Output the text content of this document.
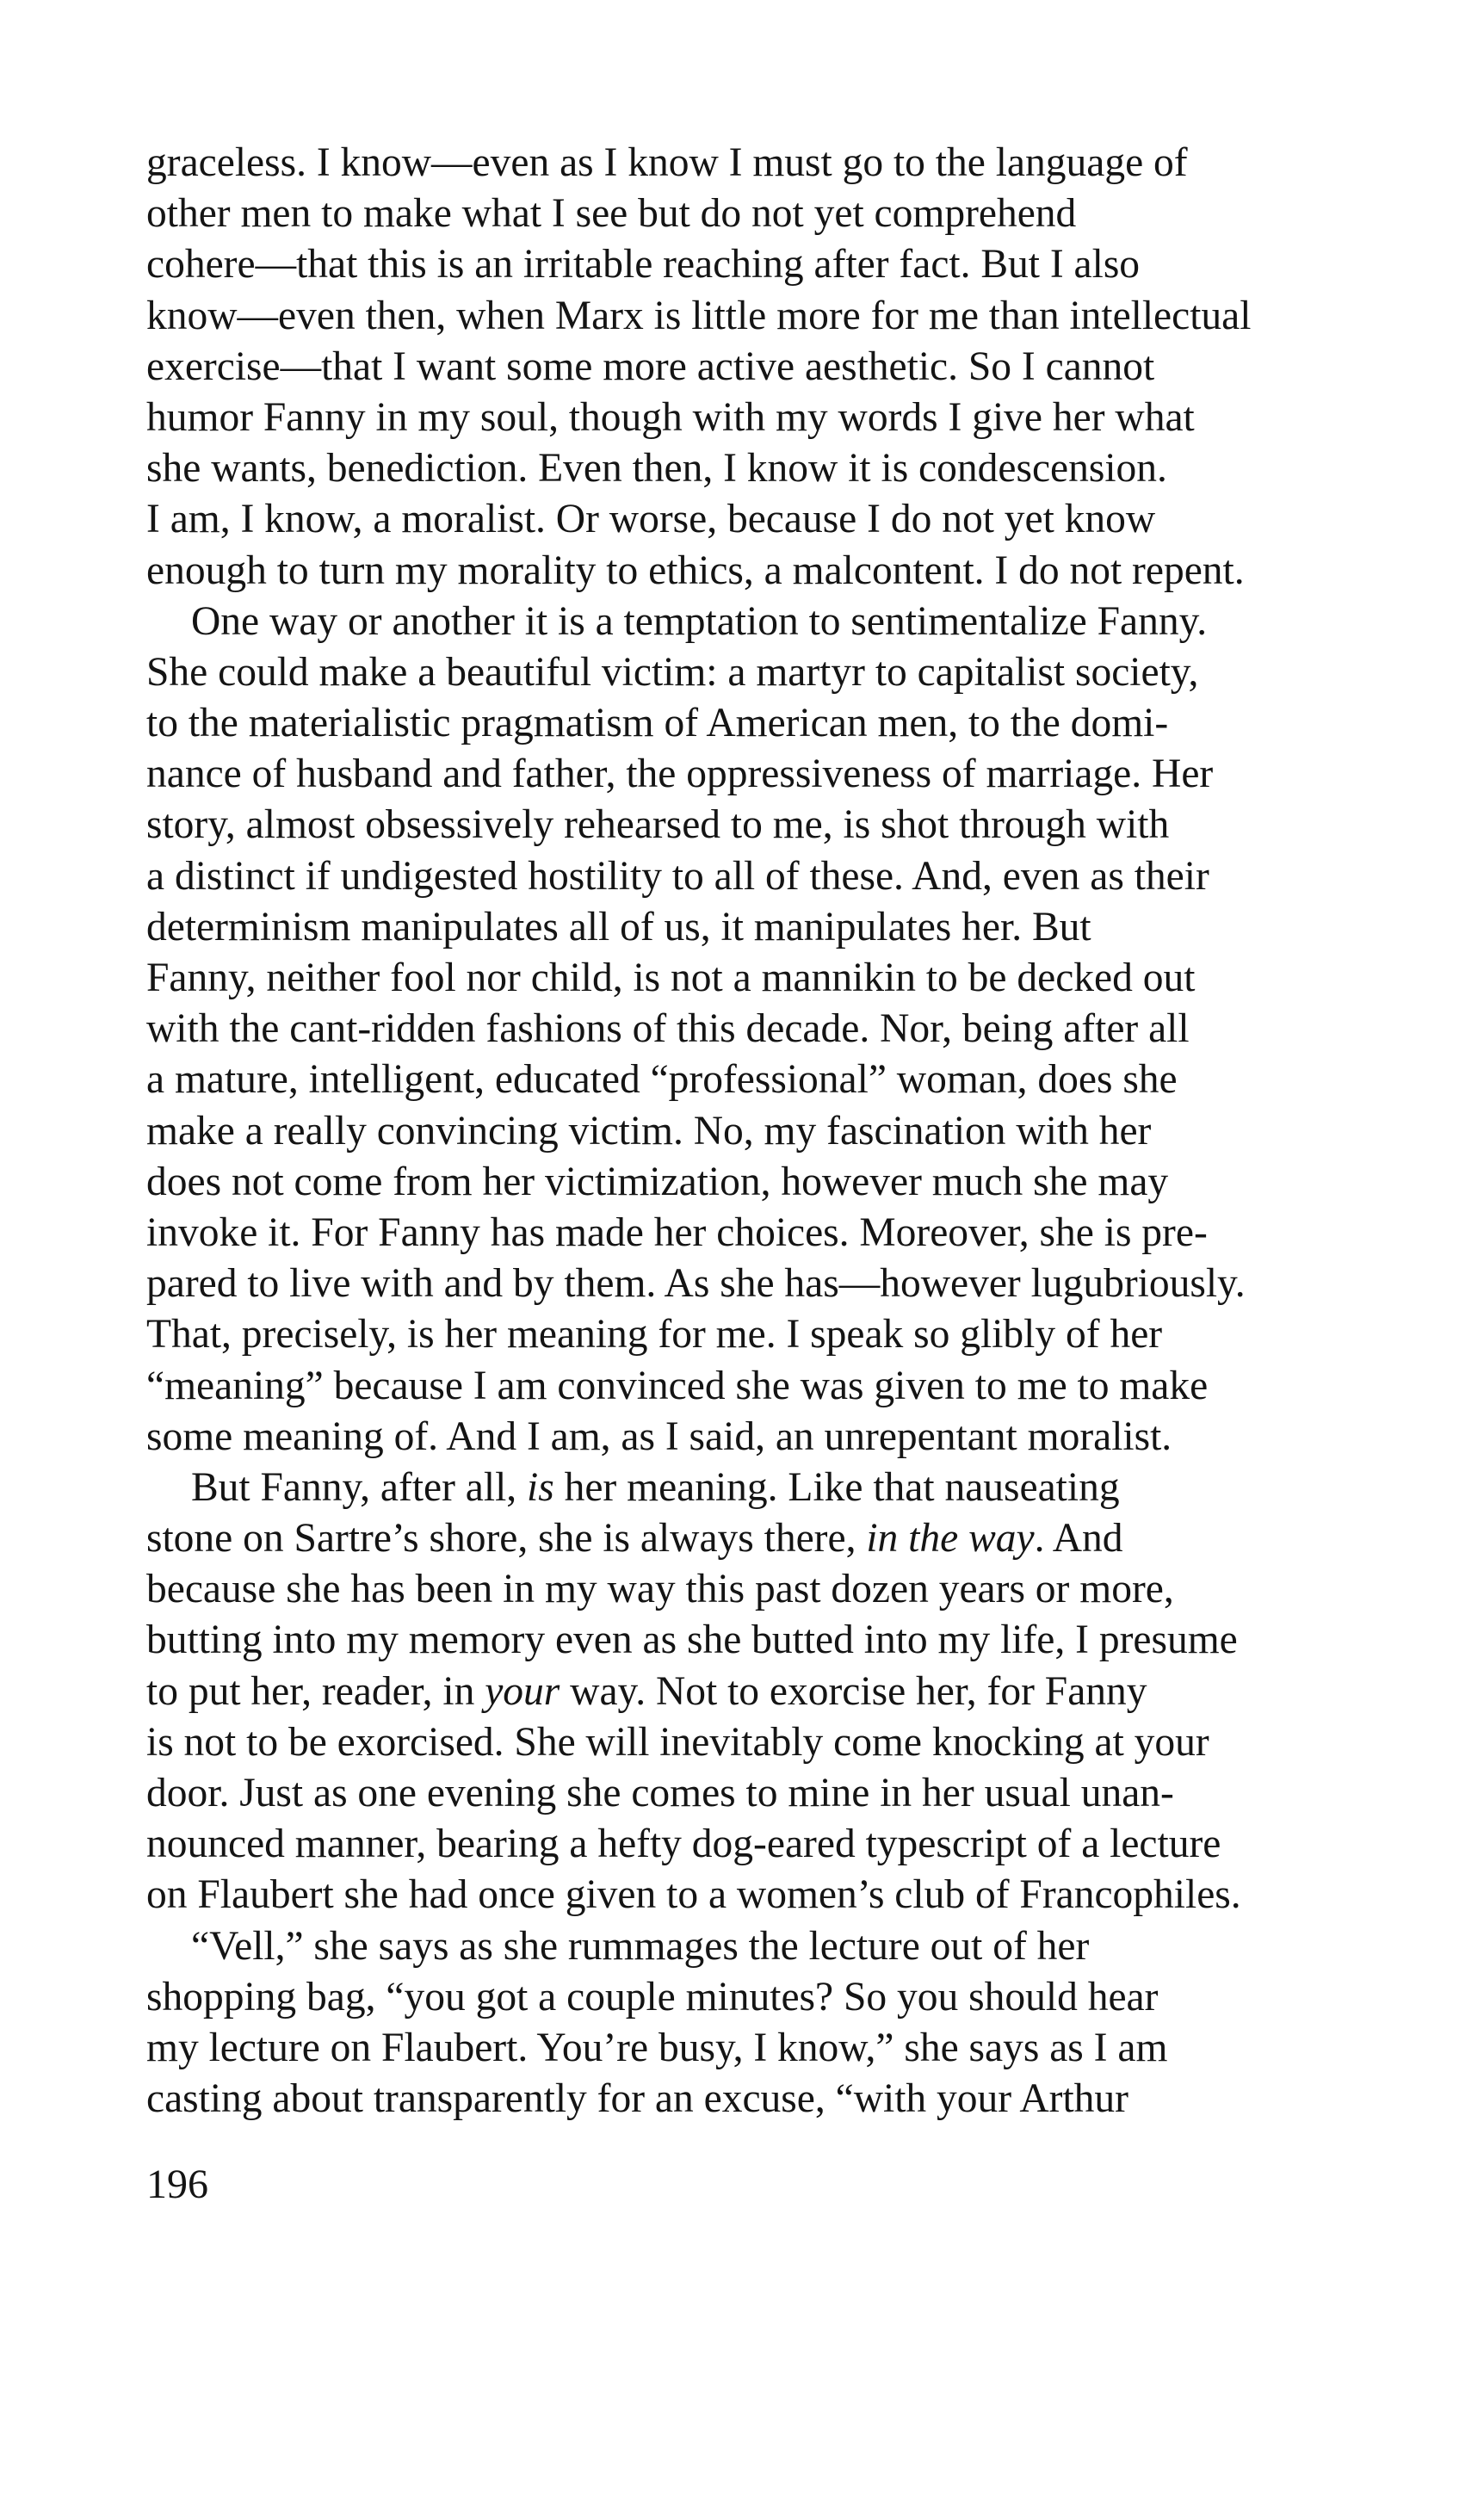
graceless. I know—even as I know I must go to the language of
other men to make what I see but do not yet comprehend
cohere—that this is an irritable reaching after fact. But I also
know—even then, when Marx is little more for me than intellectual
exercise—that I want some more active aesthetic. So I cannot
humor Fanny in my soul, though with my words I give her what
she wants, benediction. Even then, I know it is condescension.
I am, I know, a moralist. Or worse, because I do not yet know
enough to turn my morality to ethics, a malcontent. I do not repent.
One way or another it is a temptation to sentimentalize Fanny.
She could make a beautiful victim: a martyr to capitalist society,
to the materialistic pragmatism of American men, to the domi-
nance of husband and father, the oppressiveness of marriage. Her
story, almost obsessively rehearsed to me, is shot through with
a distinct if undigested hostility to all of these. And, even as their
determinism manipulates all of us, it manipulates her. But
Fanny, neither fool nor child, is not a mannikin to be decked out
with the cant-ridden fashions of this decade. Nor, being after all
a mature, intelligent, educated “professional” woman, does she
make a really convincing victim. No, my fascination with her
does not come from her victimization, however much she may
invoke it. For Fanny has made her choices. Moreover, she is pre-
pared to live with and by them. As she has—however lugubriously.
That, precisely, is her meaning for me. I speak so glibly of her
“meaning” because I am convinced she was given to me to make
some meaning of. And I am, as I said, an unrepentant moralist.
But Fanny, after all, is her meaning. Like that nauseating
stone on Sartre’s shore, she is always there, in the way. And
because she has been in my way this past dozen years or more,
butting into my memory even as she butted into my life, I presume
to put her, reader, in your way. Not to exorcise her, for Fanny
is not to be exorcised. She will inevitably come knocking at your
door. Just as one evening she comes to mine in her usual unan-
nounced manner, bearing a hefty dog-eared typescript of a lecture
on Flaubert she had once given to a women’s club of Francophiles.
“Vell,” she says as she rummages the lecture out of her
shopping bag, “you got a couple minutes? So you should hear
my lecture on Flaubert. You’re busy, I know,” she says as I am
casting about transparently for an excuse, “with your Arthur
196
